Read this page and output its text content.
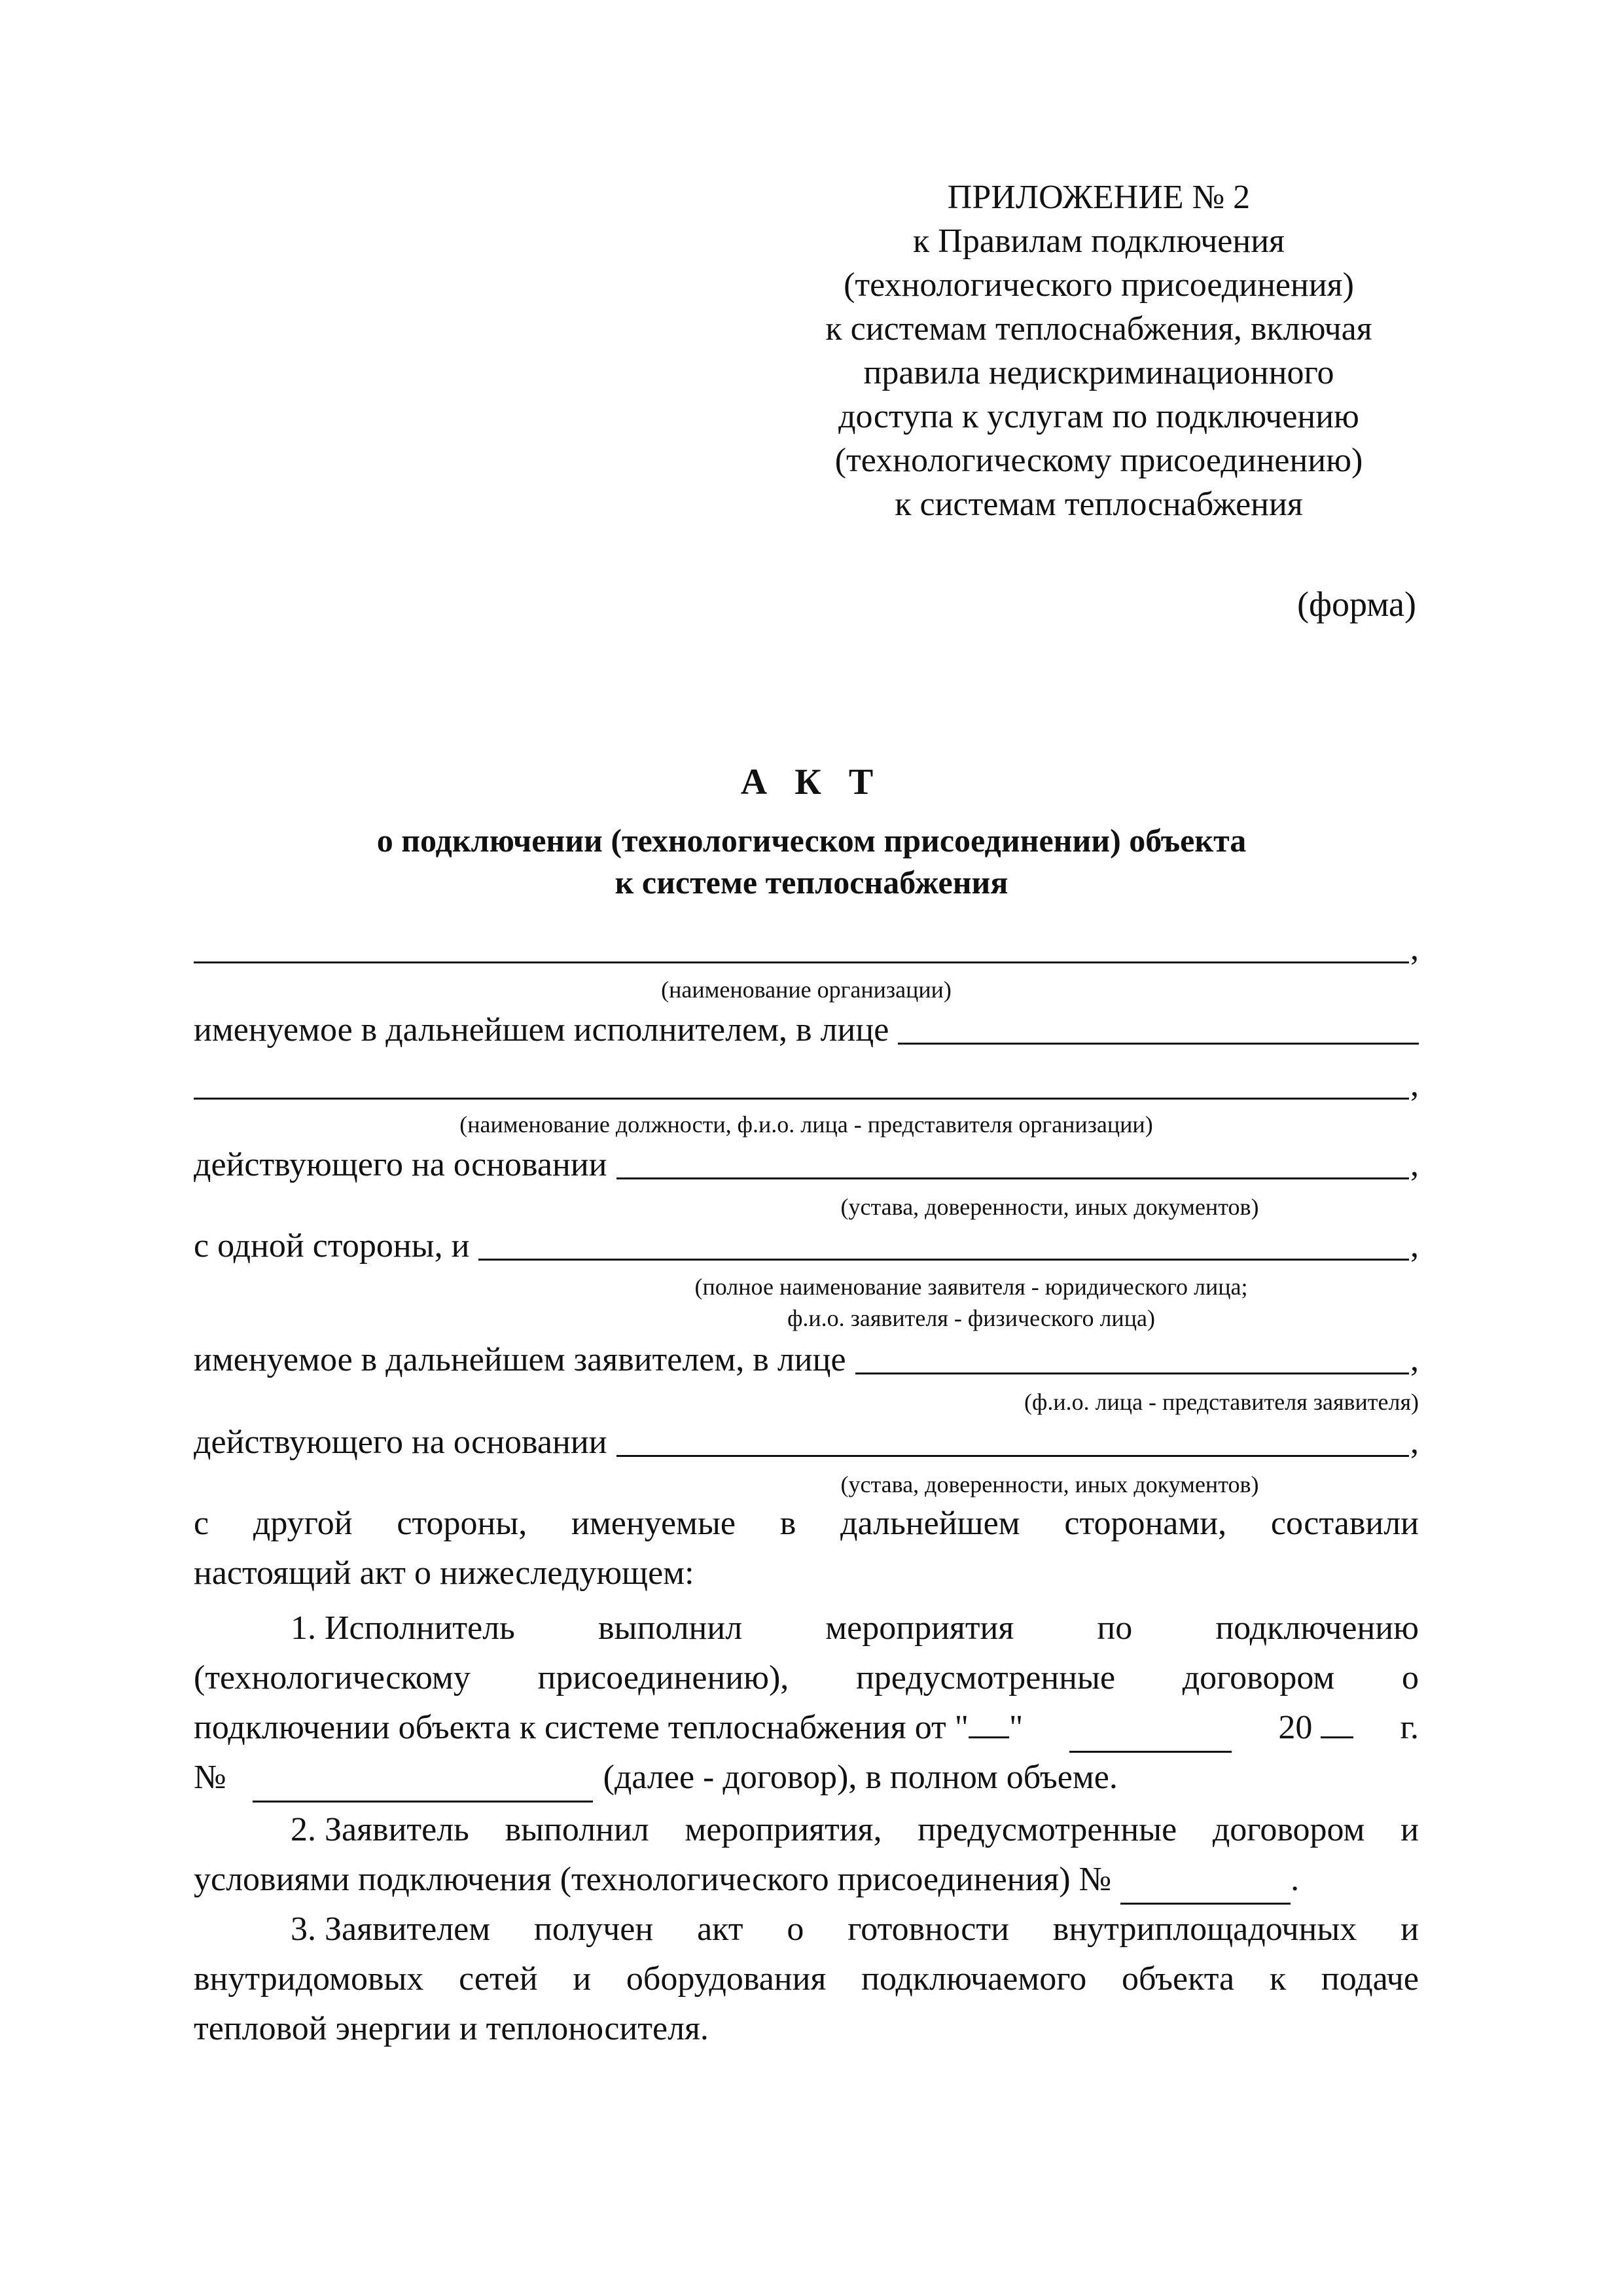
ПРИЛОЖЕНИЕ № 2
к Правилам подключения
(технологического присоединения)
к системам теплоснабжения, включая
правила недискриминационного
доступа к услугам по подключению
(технологическому присоединению)
к системам теплоснабжения
(форма)
А К Т
о подключении (технологическом присоединении) объекта
к системе теплоснабжения
,
(наименование организации)
именуемое в дальнейшем исполнителем, в лице
,
(наименование должности, ф.и.о. лица - представителя организации)
действующего на основании	,
(устава, доверенности, иных документов)
с одной стороны, и	,
(полное наименование заявителя - юридического лица;
ф.и.о. заявителя - физического лица)
именуемое в дальнейшем заявителем, в лице	,
(ф.и.о. лица - представителя заявителя)
действующего на основании	,
(устава, доверенности, иных документов)
с другой стороны, именуемые в дальнейшем сторонами, составили
настоящий акт о нижеследующем:
1. Исполнитель выполнил мероприятия по подключению
(технологическому присоединению), предусмотренные договором о
подключении объекта к системе теплоснабжения от " "	20	г.
№	(далее - договор), в полном объеме.
2. Заявитель выполнил мероприятия, предусмотренные договором и
условиями подключения (технологического присоединения) №	.
3. Заявителем получен акт о готовности внутриплощадочных и
внутридомовых сетей и оборудования подключаемого объекта к подаче
тепловой энергии и теплоносителя.
